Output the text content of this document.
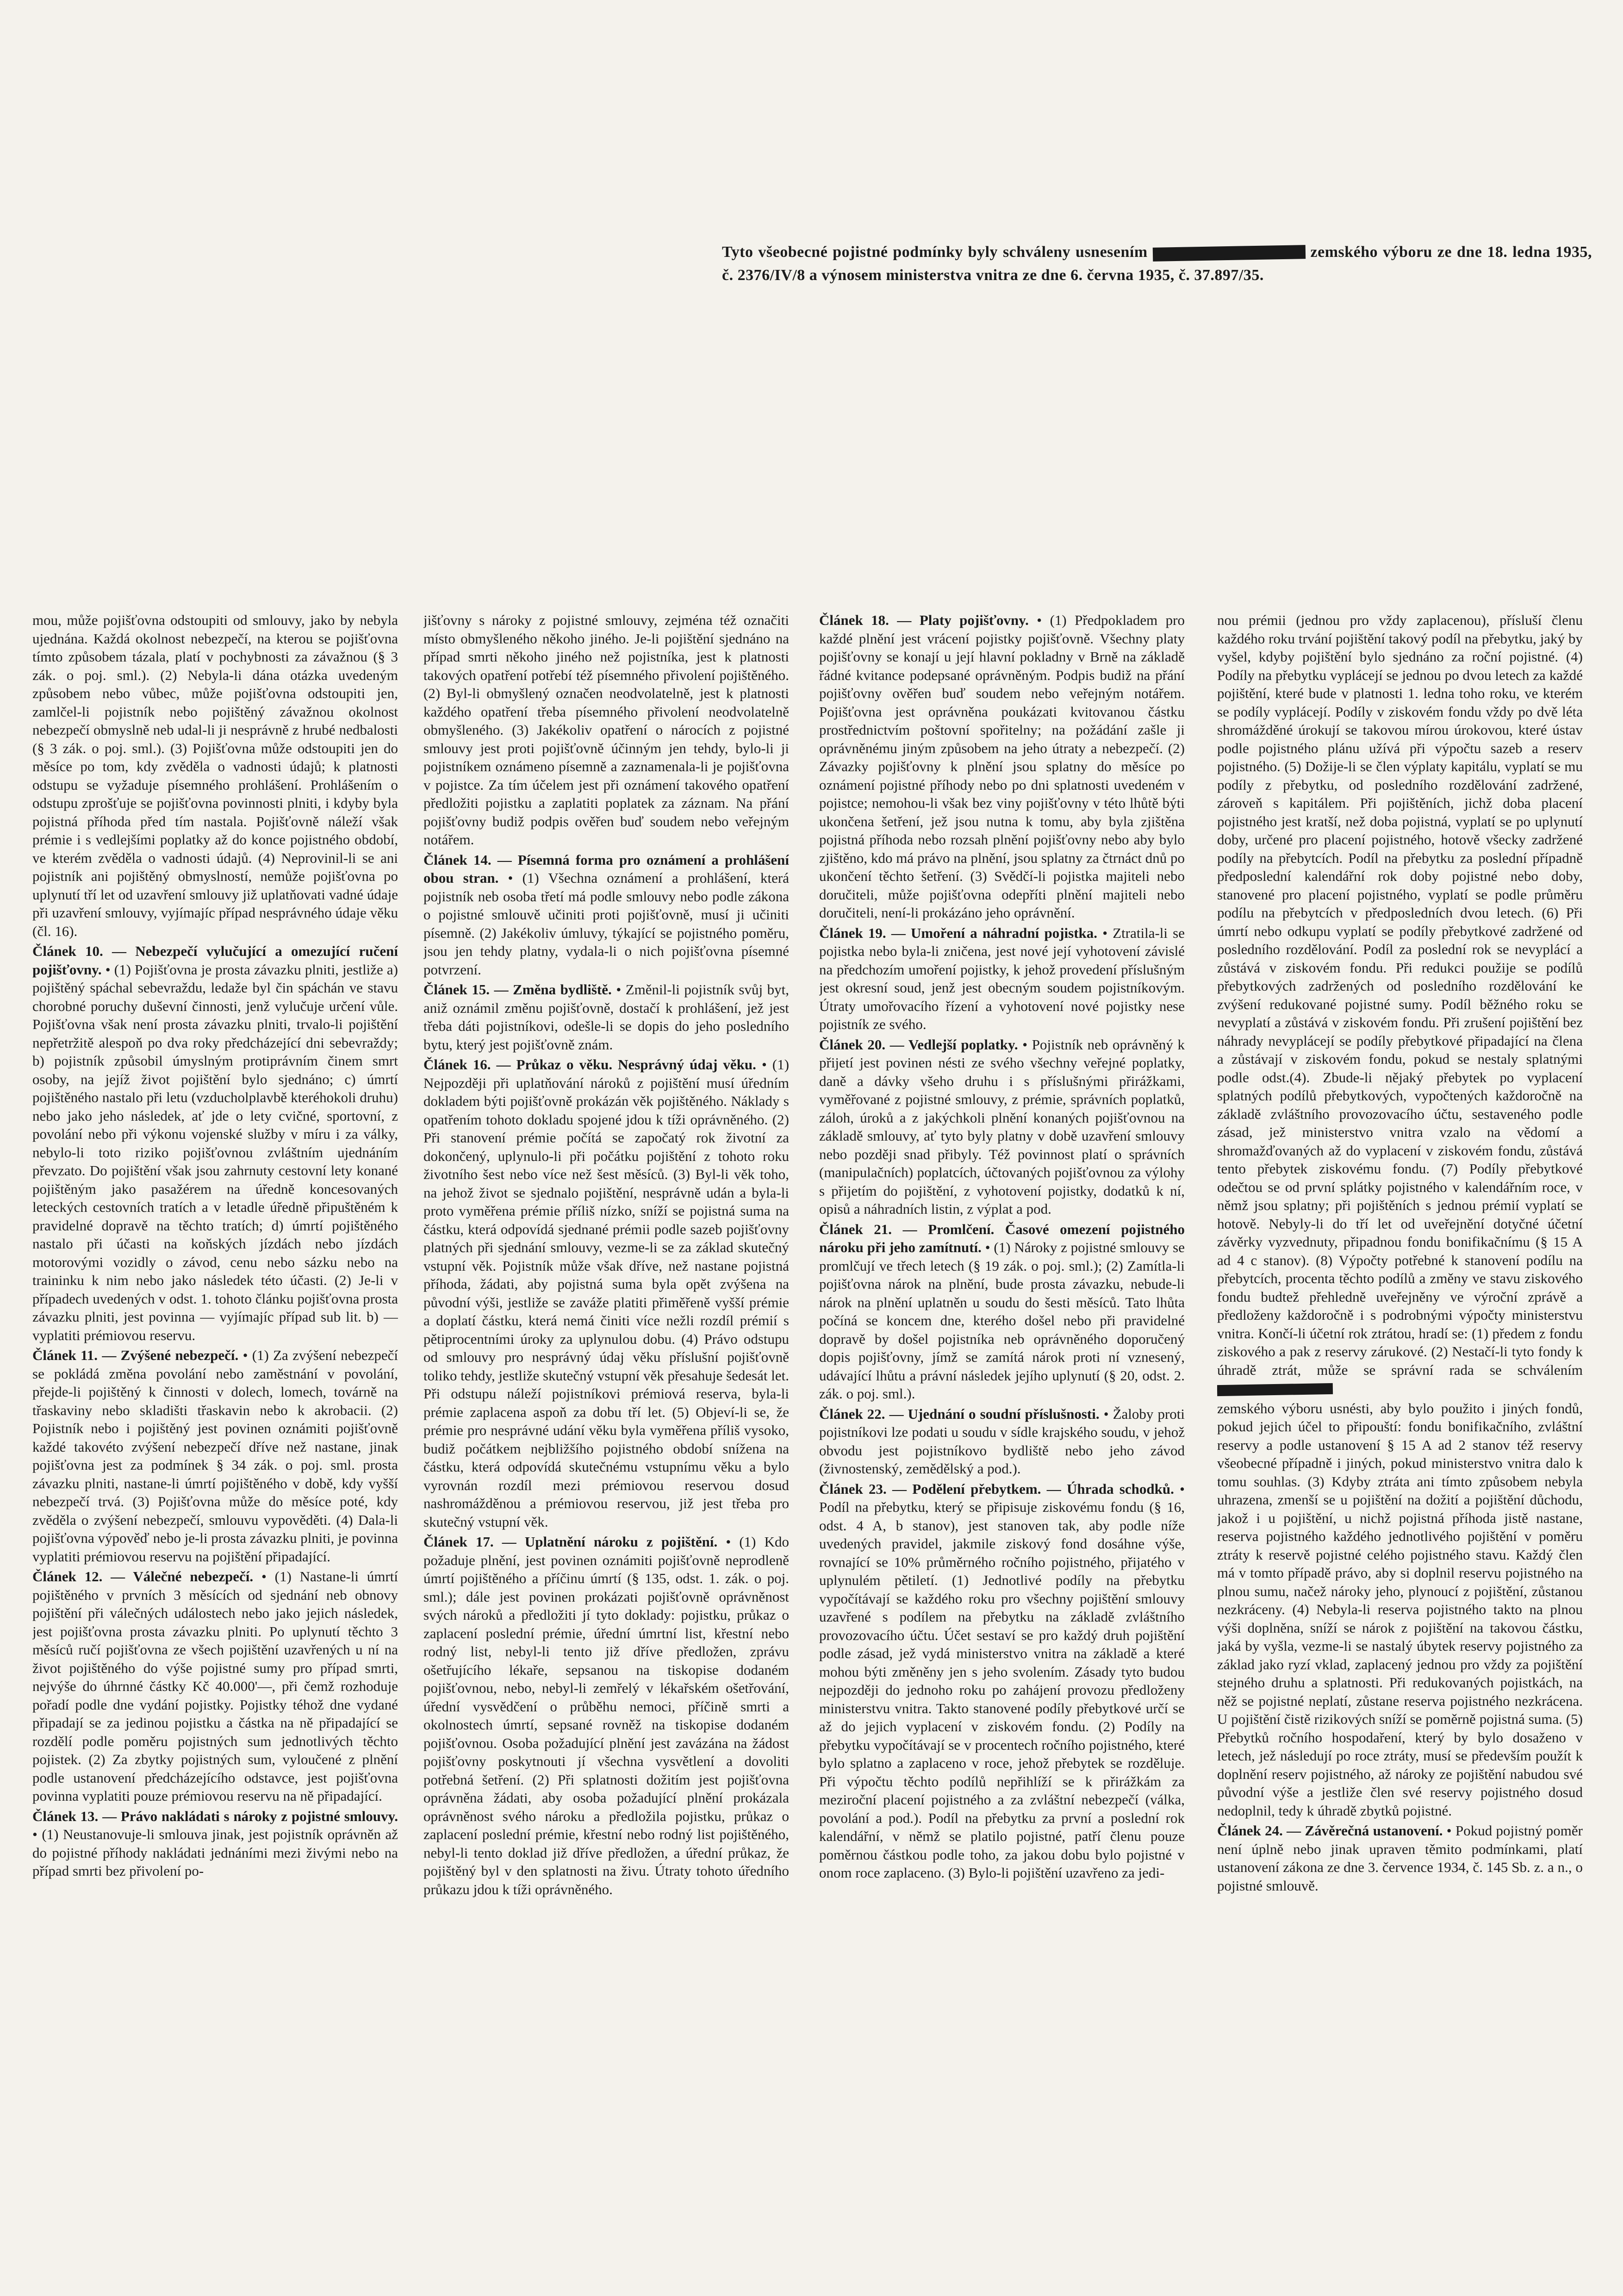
Tyto všeobecné pojistné podmínky byly schváleny usnesením	zemského výboru ze dne 18. ledna 1935, č. 2376/IV/8 a výnosem ministerstva vnitra ze dne 6. června 1935, č. 37.897/35.

mou, může pojišťovna odstoupiti od smlouvy, jako by nebyla ujednána. Každá okolnost nebezpečí, na kterou se pojišťovna tímto způsobem tázala, platí v pochybnosti za závažnou (§ 3 zák. o poj. sml.). (2) Nebyla-li dána otázka uvedeným způsobem nebo vůbec, může pojišťovna odstoupiti jen, zamlčel-li pojistník nebo pojištěný závažnou okolnost nebezpečí obmyslně neb udal-li ji nesprávně z hrubé nedbalosti (§ 3 zák. o poj. sml.). (3) Pojišťovna může odstoupiti jen do měsíce po tom, kdy zvěděla o vadnosti údajů; k platnosti odstupu se vyžaduje písemného prohlášení. Prohlášením o odstupu zprošťuje se pojišťovna povinnosti plniti, i kdyby byla pojistná příhoda před tím nastala. Pojišťovně náleží však prémie i s vedlejšími poplatky až do konce pojistného období, ve kterém zvěděla o vadnosti údajů. (4) Neprovinil-li se ani pojistník ani pojištěný obmyslností, nemůže pojišťovna po uplynutí tří let od uzavření smlouvy již uplatňovati vadné údaje při uzavření smlouvy, vyjímajíc případ nesprávného údaje věku (čl. 16).

Článek 10. — Nebezpečí vylučující a omezující ručení pojišťovny. • (1) Pojišťovna je prosta závazku plniti, jestliže a) pojištěný spáchal sebevraždu, ledaže byl čin spáchán ve stavu chorobné poruchy duševní činnosti, jenž vylučuje určení vůle. Pojišťovna však není prosta závazku plniti, trvalo-li pojištění nepřetržitě alespoň po dva roky předcházející dni sebevraždy; b) pojistník způsobil úmyslným protiprávním činem smrt osoby, na jejíž život pojištění bylo sjednáno; c) úmrtí pojištěného nastalo při letu (vzducholplavbě kteréhokoli druhu) nebo jako jeho následek, ať jde o lety cvičné, sportovní, z povolání nebo při výkonu vojenské služby v míru i za války, nebylo-li toto riziko pojišťovnou zvláštním ujednáním převzato. Do pojištění však jsou zahrnuty cestovní lety konané pojištěným jako pasažérem na úředně koncesovaných leteckých cestovních tratích a v letadle úředně připuštěném k pravidelné dopravě na těchto tratích; d) úmrtí pojištěného nastalo při účasti na koňských jízdách nebo jízdách motorovými vozidly o závod, cenu nebo sázku nebo na traininku k nim nebo jako následek této účasti. (2) Je-li v případech uvedených v odst. 1. tohoto článku pojišťovna prosta závazku plniti, jest povinna — vyjímajíc případ sub lit. b) — vyplatiti prémiovou reservu.

Článek 11. — Zvýšené nebezpečí. • (1) Za zvýšení nebezpečí se pokládá změna povolání nebo zaměstnání v povolání, přejde-li pojištěný k činnosti v dolech, lomech, továrně na třaskaviny nebo skladišti třaskavin nebo k akrobacii. (2) Pojistník nebo i pojištěný jest povinen oznámiti pojišťovně každé takovéto zvýšení nebezpečí dříve než nastane, jinak pojišťovna jest za podmínek § 34 zák. o poj. sml. prosta závazku plniti, nastane-li úmrtí pojištěného v době, kdy vyšší nebezpečí trvá. (3) Pojišťovna může do měsíce poté, kdy zvěděla o zvýšení nebezpečí, smlouvu vypověděti. (4) Dala-li pojišťovna výpověď nebo je-li prosta závazku plniti, je povinna vyplatiti prémiovou reservu na pojištění připadající.

Článek 12. — Válečné nebezpečí. • (1) Nastane-li úmrtí pojištěného v prvních 3 měsících od sjednání neb obnovy pojištění při válečných událostech nebo jako jejich následek, jest pojišťovna prosta závazku plniti. Po uplynutí těchto 3 měsíců ručí pojišťovna ze všech pojištění uzavřených u ní na život pojištěného do výše pojistné sumy pro případ smrti, nejvýše do úhrnné částky Kč 40.000'—, při čemž rozhoduje pořadí podle dne vydání pojistky. Pojistky téhož dne vydané připadají se za jedinou pojistku a částka na ně připadající se rozdělí podle poměru pojistných sum jednotlivých těchto pojistek. (2) Za zbytky pojistných sum, vyloučené z plnění podle ustanovení předcházejícího odstavce, jest pojišťovna povinna vyplatiti pouze prémiovou reservu na ně připadající.

Článek 13. — Právo nakládati s nároky z pojistné smlouvy. • (1) Neustanovuje-li smlouva jinak, jest pojistník oprávněn až do pojistné příhody nakládati jednáními mezi živými nebo na případ smrti bez přivolení po-

jišťovny s nároky z pojistné smlouvy, zejména též označiti místo obmyšleného někoho jiného. Je-li pojištění sjednáno na případ smrti někoho jiného než pojistníka, jest k platnosti takových opatření potřebí též písemného přivolení pojištěného. (2) Byl-li obmyšlený označen neodvolatelně, jest k platnosti každého opatření třeba písemného přivolení neodvolatelně obmyšleného. (3) Jakékoliv opatření o nárocích z pojistné smlouvy jest proti pojišťovně účinným jen tehdy, bylo-li ji pojistníkem oznámeno písemně a zaznamenala-li je pojišťovna v pojistce. Za tím účelem jest při oznámení takového opatření předložiti pojistku a zaplatiti poplatek za záznam. Na přání pojišťovny budiž podpis ověřen buď soudem nebo veřejným notářem.

Článek 14. — Písemná forma pro oznámení a prohlášení obou stran. • (1) Všechna oznámení a prohlášení, která pojistník neb osoba třetí má podle smlouvy nebo podle zákona o pojistné smlouvě učiniti proti pojišťovně, musí ji učiniti písemně. (2) Jakékoliv úmluvy, týkající se pojistného poměru, jsou jen tehdy platny, vydala-li o nich pojišťovna písemné potvrzení.

Článek 15. — Změna bydliště. • Změnil-li pojistník svůj byt, aniž oznámil změnu pojišťovně, dostačí k prohlášení, jež jest třeba dáti pojistníkovi, odešle-li se dopis do jeho posledního bytu, který jest pojišťovně znám.

Článek 16. — Průkaz o věku. Nesprávný údaj věku. • (1) Nejpozději při uplatňování nároků z pojištění musí úředním dokladem býti pojišťovně prokázán věk pojištěného. Náklady s opatřením tohoto dokladu spojené jdou k tíži oprávněného. (2) Při stanovení prémie počítá se započatý rok životní za dokončený, uplynulo-li při počátku pojištění z tohoto roku životního šest nebo více než šest měsíců. (3) Byl-li věk toho, na jehož život se sjednalo pojištění, nesprávně udán a byla-li proto vyměřena prémie příliš nízko, sníží se pojistná suma na částku, která odpovídá sjednané prémii podle sazeb pojišťovny platných při sjednání smlouvy, vezme-li se za základ skutečný vstupní věk. Pojistník může však dříve, než nastane pojistná příhoda, žádati, aby pojistná suma byla opět zvýšena na původní výši, jestliže se zaváže platiti přiměřeně vyšší prémie a doplatí částku, která nemá činiti více nežli rozdíl prémií s pětiprocentními úroky za uplynulou dobu. (4) Právo odstupu od smlouvy pro nesprávný údaj věku příslušní pojišťovně toliko tehdy, jestliže skutečný vstupní věk přesahuje šedesát let. Při odstupu náleží pojistníkovi prémiová reserva, byla-li prémie zaplacena aspoň za dobu tří let. (5) Objeví-li se, že prémie pro nesprávné udání věku byla vyměřena příliš vysoko, budiž počátkem nejbližšího pojistného období snížena na částku, která odpovídá skutečnému vstupnímu věku a bylo vyrovnán rozdíl mezi prémiovou reservou dosud nashromážděnou a prémiovou reservou, již jest třeba pro skutečný vstupní věk.

Článek 17. — Uplatnění nároku z pojištění. • (1) Kdo požaduje plnění, jest povinen oznámiti pojišťovně neprodleně úmrtí pojištěného a příčinu úmrtí (§ 135, odst. 1. zák. o poj. sml.); dále jest povinen prokázati pojišťovně oprávněnost svých nároků a předložiti jí tyto doklady: pojistku, průkaz o zaplacení poslední prémie, úřední úmrtní list, křestní nebo rodný list, nebyl-li tento již dříve předložen, zprávu ošetřujícího lékaře, sepsanou na tiskopise dodaném pojišťovnou, nebo, nebyl-li zemřelý v lékařském ošetřování, úřední vysvědčení o průběhu nemoci, příčině smrti a okolnostech úmrtí, sepsané rovněž na tiskopise dodaném pojišťovnou. Osoba požadující plnění jest zavázána na žádost pojišťovny poskytnouti jí všechna vysvětlení a dovoliti potřebná šetření. (2) Při splatnosti dožitím jest pojišťovna oprávněna žádati, aby osoba požadující plnění prokázala oprávněnost svého nároku a předložila pojistku, průkaz o zaplacení poslední prémie, křestní nebo rodný list pojištěného, nebyl-li tento doklad již dříve předložen, a úřední průkaz, že pojištěný byl v den splatnosti na živu. Útraty tohoto úředního průkazu jdou k tíži oprávněného.

Článek 18. — Platy pojišťovny. • (1) Předpokladem pro každé plnění jest vrácení pojistky pojišťovně. Všechny platy pojišťovny se konají u její hlavní pokladny v Brně na základě řádné kvitance podepsané oprávněným. Podpis budiž na přání pojišťovny ověřen buď soudem nebo veřejným notářem. Pojišťovna jest oprávněna poukázati kvitovanou částku prostřednictvím poštovní spořitelny; na požádání zašle ji oprávněnému jiným způsobem na jeho útraty a nebezpečí. (2) Závazky pojišťovny k plnění jsou splatny do měsíce po oznámení pojistné příhody nebo po dni splatnosti uvedeném v pojistce; nemohou-li však bez viny pojišťovny v této lhůtě býti ukončena šetření, jež jsou nutna k tomu, aby byla zjištěna pojistná příhoda nebo rozsah plnění pojišťovny nebo aby bylo zjištěno, kdo má právo na plnění, jsou splatny za čtrnáct dnů po ukončení těchto šetření. (3) Svědčí-li pojistka majiteli nebo doručiteli, může pojišťovna odepříti plnění majiteli nebo doručiteli, není-li prokázáno jeho oprávnění.

Článek 19. — Umoření a náhradní pojistka. • Ztratila-li se pojistka nebo byla-li zničena, jest nové její vyhotovení závislé na předchozím umoření pojistky, k jehož provedení příslušným jest okresní soud, jenž jest obecným soudem pojistníkovým. Útraty umořovacího řízení a vyhotovení nové pojistky nese pojistník ze svého.

Článek 20. — Vedlejší poplatky. • Pojistník neb oprávněný k přijetí jest povinen nésti ze svého všechny veřejné poplatky, daně a dávky všeho druhu i s příslušnými přirážkami, vyměřované z pojistné smlouvy, z prémie, správních poplatků, záloh, úroků a z jakýchkoli plnění konaných pojišťovnou na základě smlouvy, ať tyto byly platny v době uzavření smlouvy nebo později snad přibyly. Též povinnost platí o správních (manipulačních) poplatcích, účtovaných pojišťovnou za výlohy s přijetím do pojištění, z vyhotovení pojistky, dodatků k ní, opisů a náhradních listin, z výplat a pod.

Článek 21. — Promlčení. Časové omezení pojistného nároku při jeho zamítnutí. • (1) Nároky z pojistné smlouvy se promlčují ve třech letech (§ 19 zák. o poj. sml.); (2) Zamítla-li pojišťovna nárok na plnění, bude prosta závazku, nebude-li nárok na plnění uplatněn u soudu do šesti měsíců. Tato lhůta počíná se koncem dne, kterého došel nebo při pravidelné dopravě by došel pojistníka neb oprávněného doporučený dopis pojišťovny, jímž se zamítá nárok proti ní vznesený, udávající lhůtu a právní následek jejího uplynutí (§ 20, odst. 2. zák. o poj. sml.).

Článek 22. — Ujednání o soudní příslušnosti. • Žaloby proti pojistníkovi lze podati u soudu v sídle krajského soudu, v jehož obvodu jest pojistníkovo bydliště nebo jeho závod (živnostenský, zemědělský a pod.).

Článek 23. — Podělení přebytkem. — Úhrada schodků. • Podíl na přebytku, který se připisuje ziskovému fondu (§ 16, odst. 4 A, b stanov), jest stanoven tak, aby podle níže uvedených pravidel, jakmile ziskový fond dosáhne výše, rovnající se 10% průměrného ročního pojistného, přijatého v uplynulém pětiletí. (1) Jednotlivé podíly na přebytku vypočítávají se každého roku pro všechny pojištění smlouvy uzavřené s podílem na přebytku na základě zvláštního provozovacího účtu. Účet sestaví se pro každý druh pojištění podle zásad, jež vydá ministerstvo vnitra na základě a které mohou býti změněny jen s jeho svolením. Zásady tyto budou nejpozději do jednoho roku po zahájení provozu předloženy ministerstvu vnitra. Takto stanovené podíly přebytkové určí se až do jejich vyplacení v ziskovém fondu. (2) Podíly na přebytku vypočítávají se v procentech ročního pojistného, které bylo splatno a zaplaceno v roce, jehož přebytek se rozděluje. Při výpočtu těchto podílů nepřihlíží se k přirážkám za meziroční placení pojistného a za zvláštní nebezpečí (válka, povolání a pod.). Podíl na přebytku za první a poslední rok kalendářní, v němž se platilo pojistné, patří členu pouze poměrnou částkou podle toho, za jakou dobu bylo pojistné v onom roce zaplaceno. (3) Bylo-li pojištění uzavřeno za jedi-

nou prémii (jednou pro vždy zaplacenou), přísluší členu každého roku trvání pojištění takový podíl na přebytku, jaký by vyšel, kdyby pojištění bylo sjednáno za roční pojistné. (4) Podíly na přebytku vyplácejí se jednou po dvou letech za každé pojištění, které bude v platnosti 1. ledna toho roku, ve kterém se podíly vyplácejí. Podíly v ziskovém fondu vždy po dvě léta shromážděné úrokují se takovou mírou úrokovou, které ústav podle pojistného plánu užívá při výpočtu sazeb a reserv pojistného. (5) Dožije-li se člen výplaty kapitálu, vyplatí se mu podíly z přebytku, od posledního rozdělování zadržené, zároveň s kapitálem. Při pojištěních, jichž doba placení pojistného jest kratší, než doba pojistná, vyplatí se po uplynutí doby, určené pro placení pojistného, hotově všecky zadržené podíly na přebytcích. Podíl na přebytku za poslední případně předposlední kalendářní rok doby pojistné nebo doby, stanovené pro placení pojistného, vyplatí se podle průměru podílu na přebytcích v předposledních dvou letech. (6) Při úmrtí nebo odkupu vyplatí se podíly přebytkové zadržené od posledního rozdělování. Podíl za poslední rok se nevyplácí a zůstává v ziskovém fondu. Při redukci použije se podílů přebytkových zadržených od posledního rozdělování ke zvýšení redukované pojistné sumy. Podíl běžného roku se nevyplatí a zůstává v ziskovém fondu. Při zrušení pojištění bez náhrady nevyplácejí se podíly přebytkové připadající na člena a zůstávají v ziskovém fondu, pokud se nestaly splatnými podle odst.(4). Zbude-li nějaký přebytek po vyplacení splatných podílů přebytkových, vypočtených každoročně na základě zvláštního provozovacího účtu, sestaveného podle zásad, jež ministerstvo vnitra vzalo na vědomí a shromažďovaných až do vyplacení v ziskovém fondu, zůstává tento přebytek ziskovému fondu. (7) Podíly přebytkové odečtou se od první splátky pojistného v kalendářním roce, v němž jsou splatny; při pojištěních s jednou prémií vyplatí se hotově. Nebyly-li do tří let od uveřejnění dotyčné účetní závěrky vyzvednuty, připadnou fondu bonifikačnímu (§ 15 A ad 4 c stanov). (8) Výpočty potřebné k stanovení podílu na přebytcích, procenta těchto podílů a změny ve stavu ziskového fondu budtež přehledně uveřejněny ve výroční zprávě a předloženy každoročně i s podrobnými výpočty ministerstvu vnitra. Končí-li účetní rok ztrátou, hradí se: (1) předem z fondu ziskového a pak z reservy zárukové. (2) Nestačí-li tyto fondy k úhradě ztrát, může se správní rada se schválením

zemského výboru usnésti, aby bylo použito i jiných fondů, pokud jejich účel to připouští: fondu bonifikačního, zvláštní reservy a podle ustanovení § 15 A ad 2 stanov též reservy všeobecné případně i jiných, pokud ministerstvo vnitra dalo k tomu souhlas. (3) Kdyby ztráta ani tímto způsobem nebyla uhrazena, zmenší se u pojištění na dožití a pojištění důchodu, jakož i u pojištění, u nichž pojistná příhoda jistě nastane, reserva pojistného každého jednotlivého pojištění v poměru ztráty k reservě pojistné celého pojistného stavu. Každý člen má v tomto případě právo, aby si doplnil reservu pojistného na plnou sumu, načež nároky jeho, plynoucí z pojištění, zůstanou nezkráceny. (4) Nebyla-li reserva pojistného takto na plnou výši doplněna, sníží se nárok z pojištění na takovou částku, jaká by vyšla, vezme-li se nastalý úbytek reservy pojistného za základ jako ryzí vklad, zaplacený jednou pro vždy za pojištění stejného druhu a splatnosti. Při redukovaných pojistkách, na něž se pojistné neplatí, zůstane reserva pojistného nezkrácena. U pojištění čistě rizikových sníží se poměrně pojistná suma. (5) Přebytků ročního hospodaření, který by bylo dosaženo v letech, jež následují po roce ztráty, musí se především použít k doplnění reserv pojistného, až nároky ze pojištění nabudou své původní výše a jestliže člen své reservy pojistného dosud nedoplnil, tedy k úhradě zbytků pojistné.

Článek 24. — Závěrečná ustanovení. • Pokud pojistný poměr není úplně nebo jinak upraven těmito podmínkami, platí ustanovení zákona ze dne 3. července 1934, č. 145 Sb. z. a n., o pojistné smlouvě.
